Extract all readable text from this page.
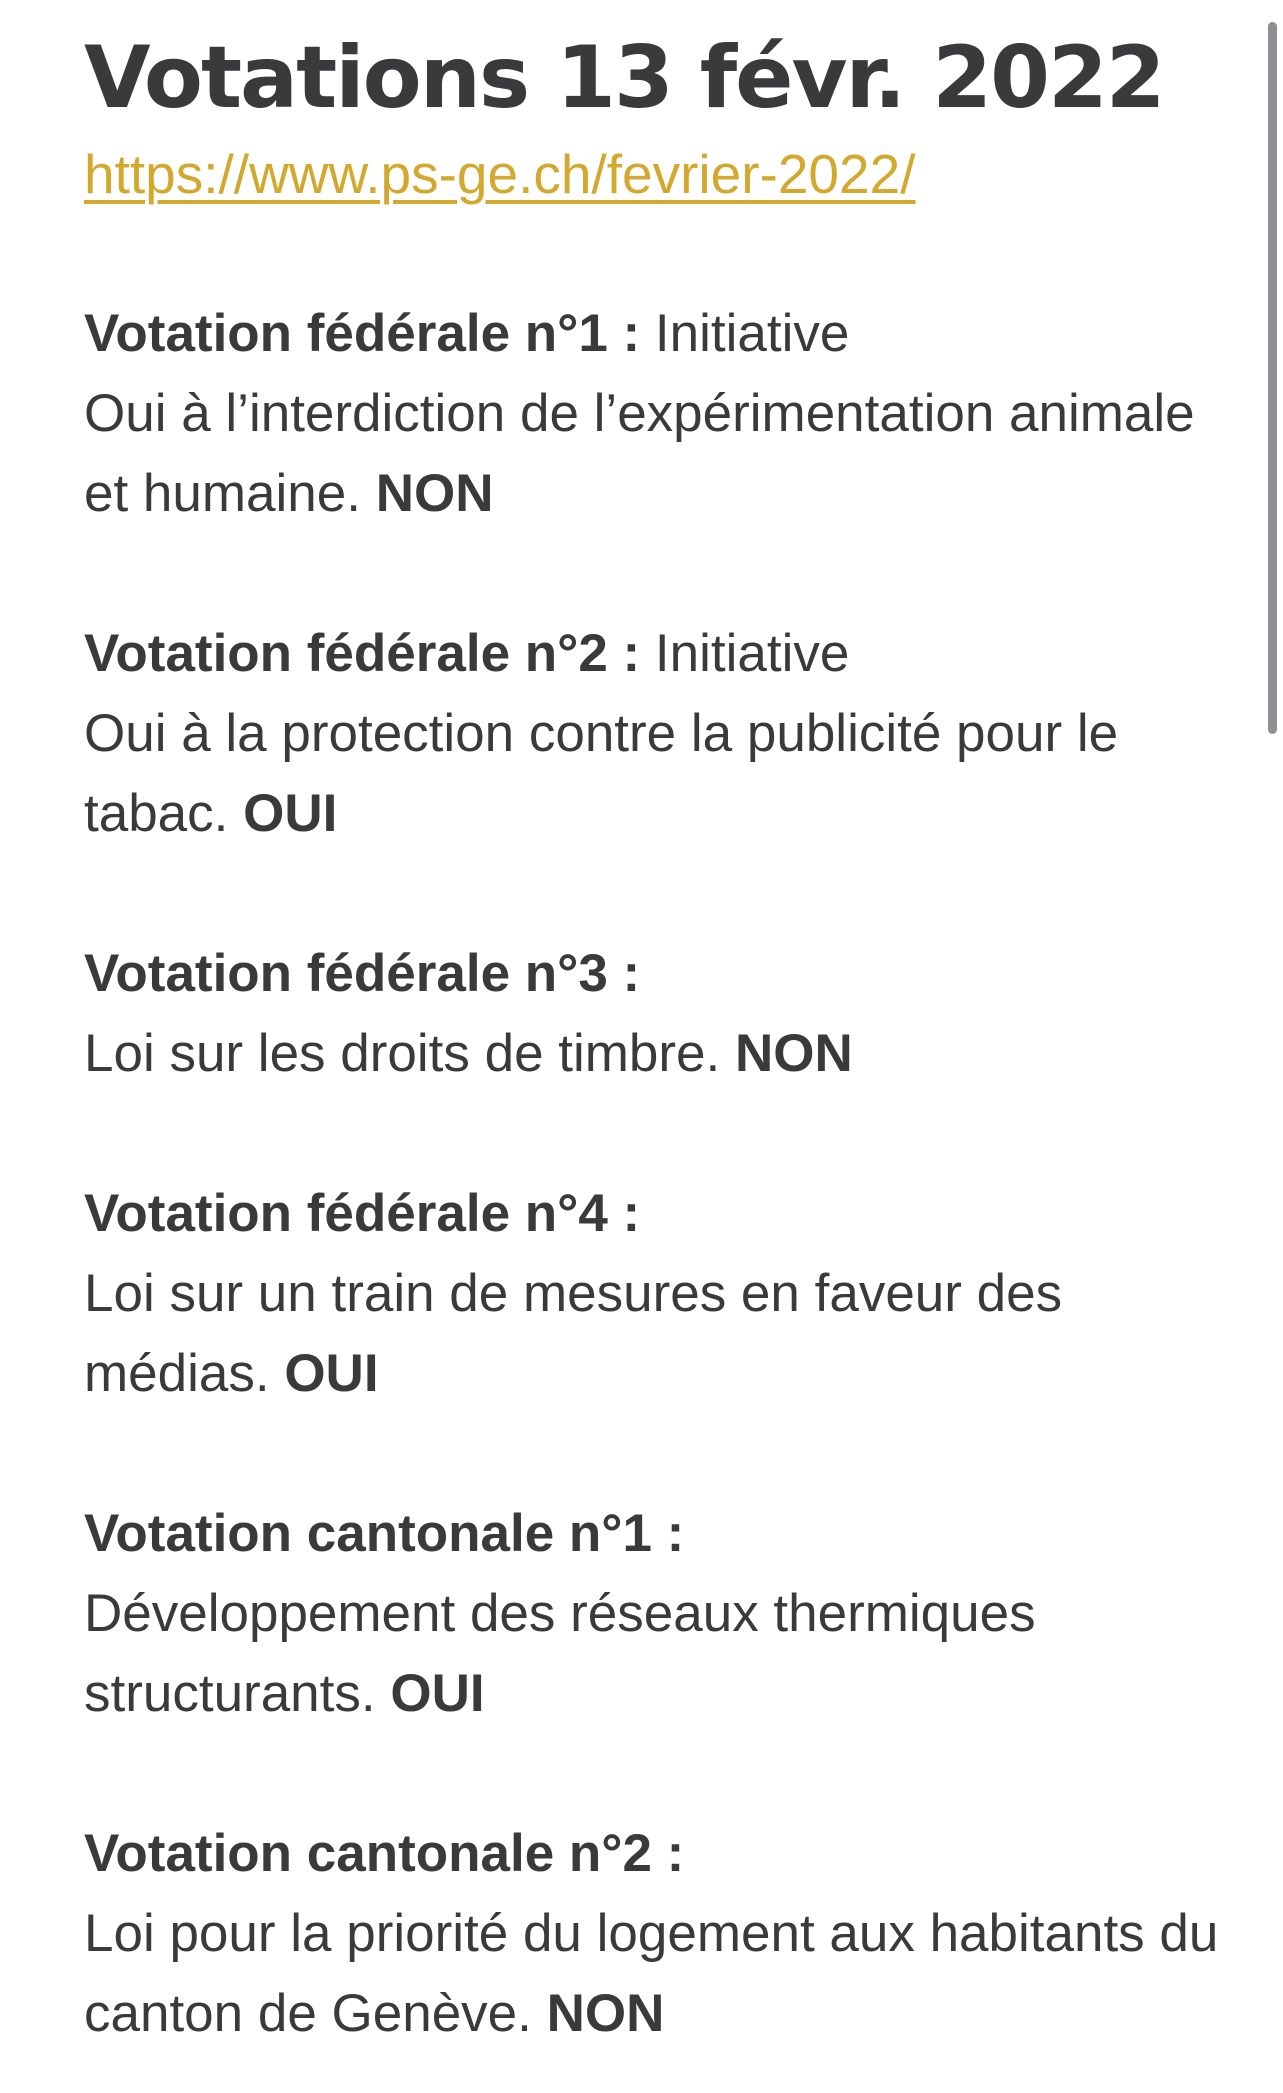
Votations 13 févr. 2022
https://www.ps-ge.ch/fevrier-2022/

Votation fédérale n°1 : Initiative
Oui à l’interdiction de l’expérimentation animale et humaine. NON

Votation fédérale n°2 : Initiative
Oui à la protection contre la publicité pour le tabac. OUI

Votation fédérale n°3 :
Loi sur les droits de timbre. NON

Votation fédérale n°4 :
Loi sur un train de mesures en faveur des médias. OUI

Votation cantonale n°1 :
Développement des réseaux thermiques structurants. OUI

Votation cantonale n°2 :
Loi pour la priorité du logement aux habitants du canton de Genève. NON
